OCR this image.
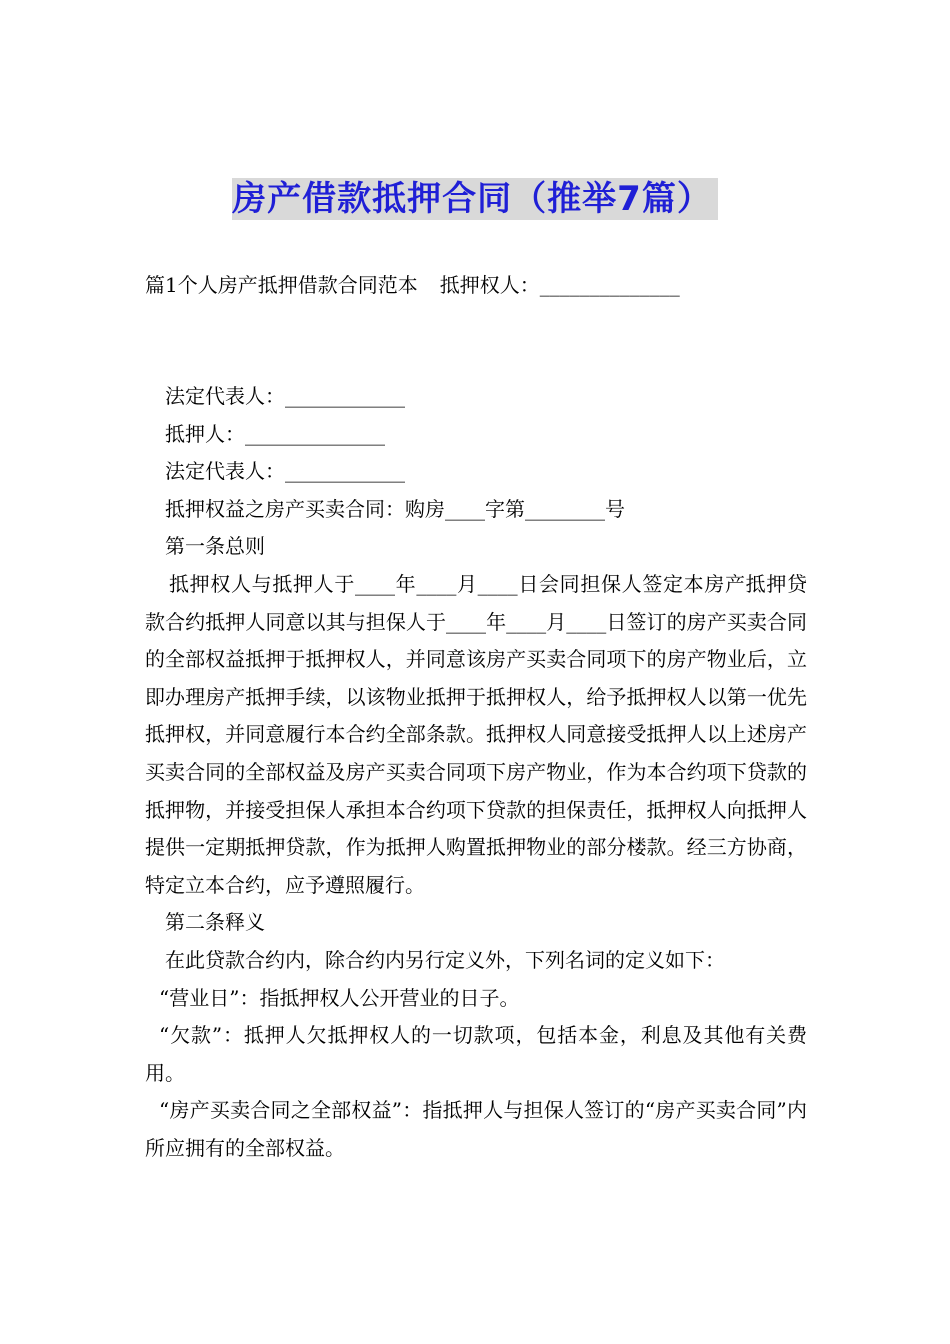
房产借款抵押合同（推举7篇）
篇1个人房产抵押借款合同范本 抵押权人：______________

法定代表人：____________

抵押人：______________

法定代表人：____________

抵押权益之房产买卖合同：购房____字第________号

第一条总则

抵押权人与抵押人于____年____月____日会同担保人签定本房产抵押贷款合约抵押人同意以其与担保人于____年____月____日签订的房产买卖合同的全部权益抵押于抵押权人，并同意该房产买卖合同项下的房产物业后，立即办理房产抵押手续，以该物业抵押于抵押权人，给予抵押权人以第一优先抵押权，并同意履行本合约全部条款。抵押权人同意接受抵押人以上述房产买卖合同的全部权益及房产买卖合同项下房产物业，作为本合约项下贷款的抵押物，并接受担保人承担本合约项下贷款的担保责任，抵押权人向抵押人提供一定期抵押贷款，作为抵押人购置抵押物业的部分楼款。经三方协商，特定立本合约，应予遵照履行。

第二条释义

在此贷款合约内，除合约内另行定义外，下列名词的定义如下：

“营业日”：指抵押权人公开营业的日子。

“欠款”：抵押人欠抵押权人的一切款项，包括本金，利息及其他有关费用。

“房产买卖合同之全部权益”：指抵押人与担保人签订的“房产买卖合同”内所应拥有的全部权益。
